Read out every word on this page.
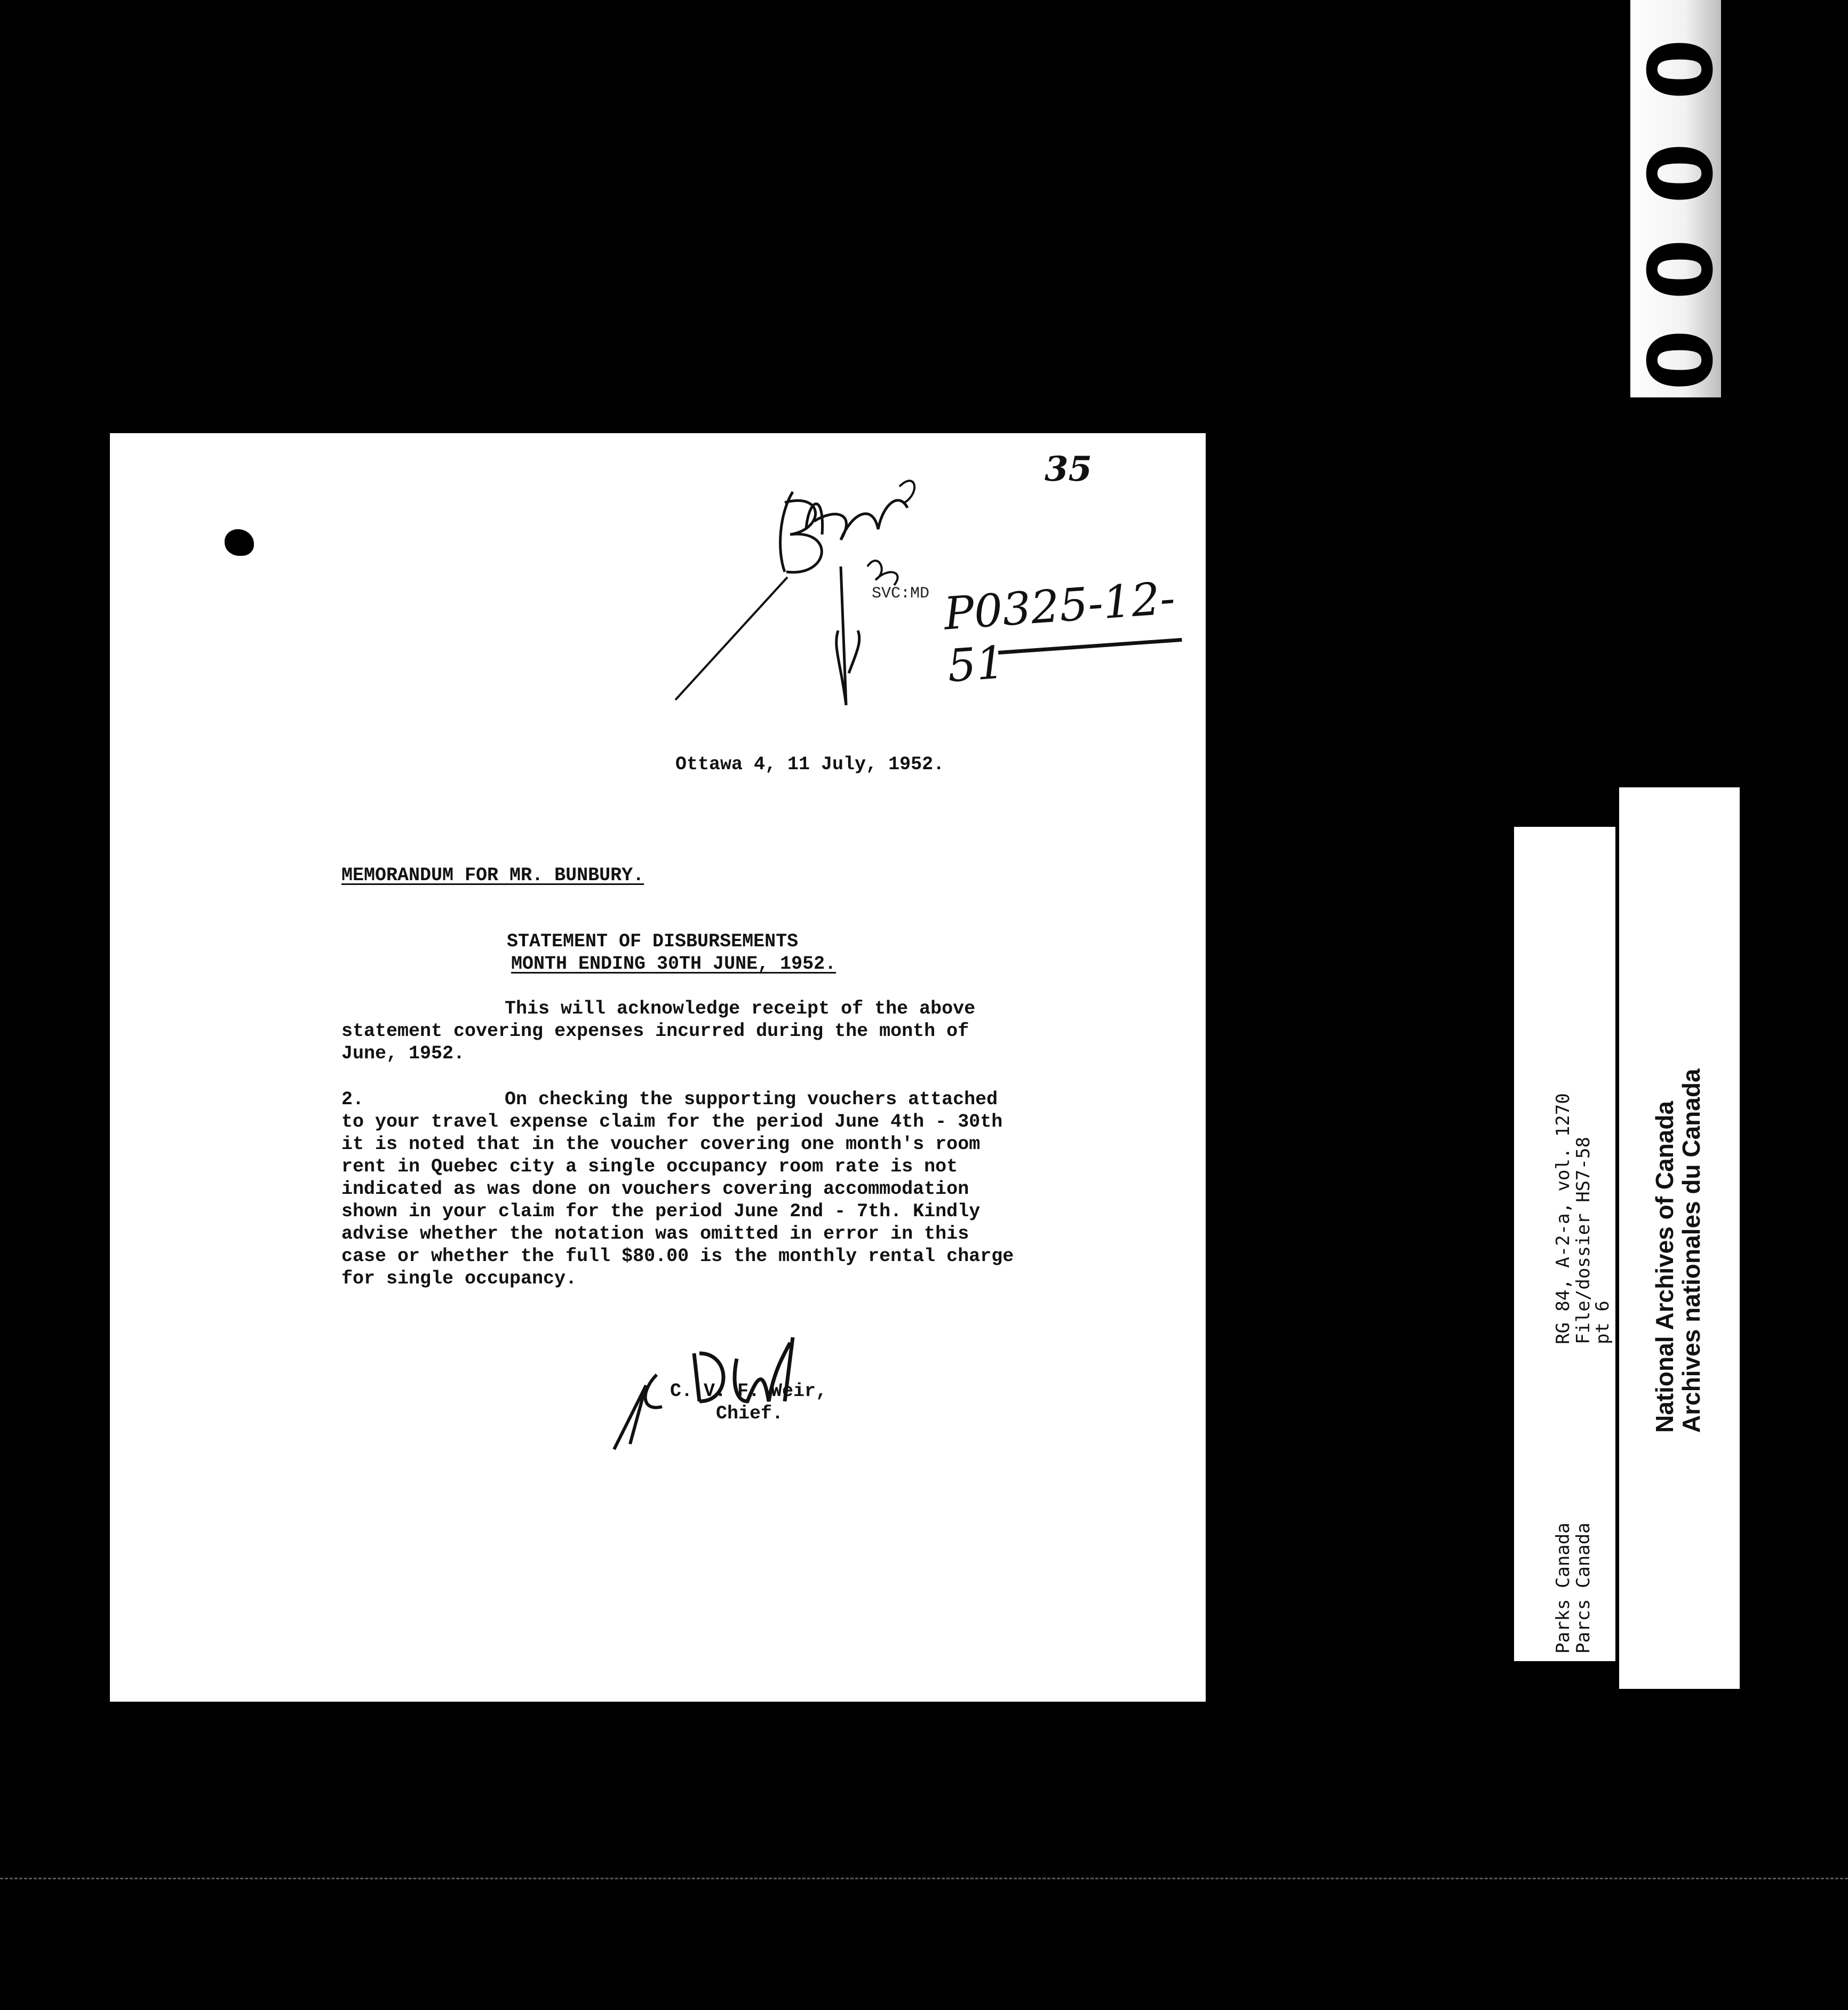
0
0
0
0
35
SVC:MD P0325-12-51
Ottawa 4, 11 July, 1952.
MEMORANDUM FOR MR. BUNBURY.
STATEMENT OF DISBURSEMENTS
MONTH ENDING 30TH JUNE, 1952.

This will acknowledge receipt of the above statement covering expenses incurred during the month of June, 1952.

2.	On checking the supporting vouchers attached to your travel expense claim for the period June 4th - 30th it is noted that in the voucher covering one month's room rent in Quebec city a single occupancy room rate is not indicated as was done on vouchers covering accommodation shown in your claim for the period June 2nd - 7th. Kindly advise whether the notation was omitted in error in this case or whether the full $80.00 is the monthly rental charge for single occupancy.

C. V. F. Weir,
Chief.
RG 84, A-2-a, vol. 1270
File/dossier HS7-58
pt 6
Parks Canada
Parcs Canada
National Archives of Canada
Archives nationales du Canada
